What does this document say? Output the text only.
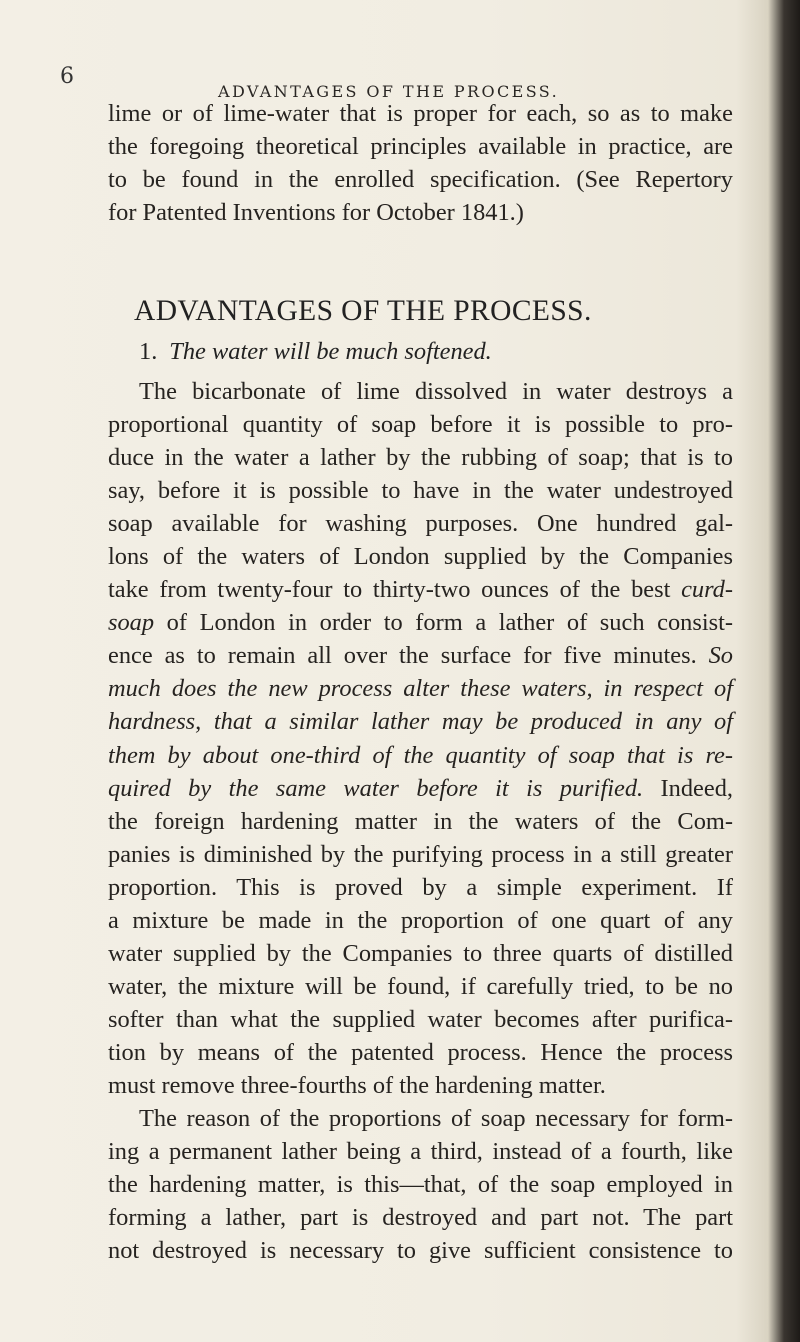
6
ADVANTAGES OF THE PROCESS.
lime or of lime-water that is proper for each, so as to make
the foregoing theoretical principles available in practice, are
to be found in the enrolled specification. (See Repertory
for Patented Inventions for October 1841.)
ADVANTAGES OF THE PROCESS.
1. The water will be much softened.
The bicarbonate of lime dissolved in water destroys a
proportional quantity of soap before it is possible to pro-
duce in the water a lather by the rubbing of soap; that is to
say, before it is possible to have in the water undestroyed
soap available for washing purposes. One hundred gal-
lons of the waters of London supplied by the Companies
take from twenty-four to thirty-two ounces of the best curd-
soap of London in order to form a lather of such consist-
ence as to remain all over the surface for five minutes. So
much does the new process alter these waters, in respect of
hardness, that a similar lather may be produced in any of
them by about one-third of the quantity of soap that is re-
quired by the same water before it is purified. Indeed,
the foreign hardening matter in the waters of the Com-
panies is diminished by the purifying process in a still greater
proportion. This is proved by a simple experiment. If
a mixture be made in the proportion of one quart of any
water supplied by the Companies to three quarts of distilled
water, the mixture will be found, if carefully tried, to be no
softer than what the supplied water becomes after purifica-
tion by means of the patented process. Hence the process
must remove three-fourths of the hardening matter.
The reason of the proportions of soap necessary for form-
ing a permanent lather being a third, instead of a fourth, like
the hardening matter, is this—that, of the soap employed in
forming a lather, part is destroyed and part not. The part
not destroyed is necessary to give sufficient consistence to
